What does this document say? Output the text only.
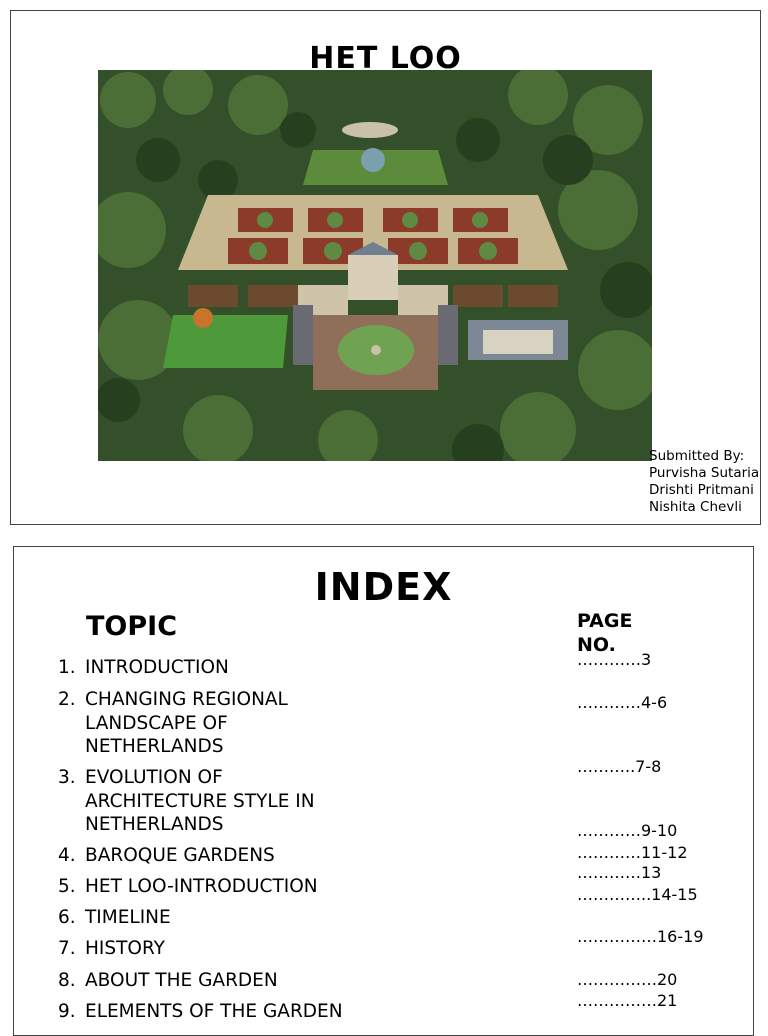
HET LOO
Submitted By:
Purvisha Sutaria
Drishti Pritmani
Nishita Chevli
INDEX
TOPIC	PAGE
NO.
1. INTRODUCTION
2. CHANGING REGIONAL LANDSCAPE OF NETHERLANDS
3. EVOLUTION OF ARCHITECTURE STYLE IN NETHERLANDS
4. BAROQUE GARDENS
5. HET LOO-INTRODUCTION
6. TIMELINE
7. HISTORY
8. ABOUT THE GARDEN
9. ELEMENTS OF THE GARDEN
…………3
…………4-6
………..7-8
…………9-10
…………11-12
…………13
…………..14-15
……………16-19
……………20
……………21
